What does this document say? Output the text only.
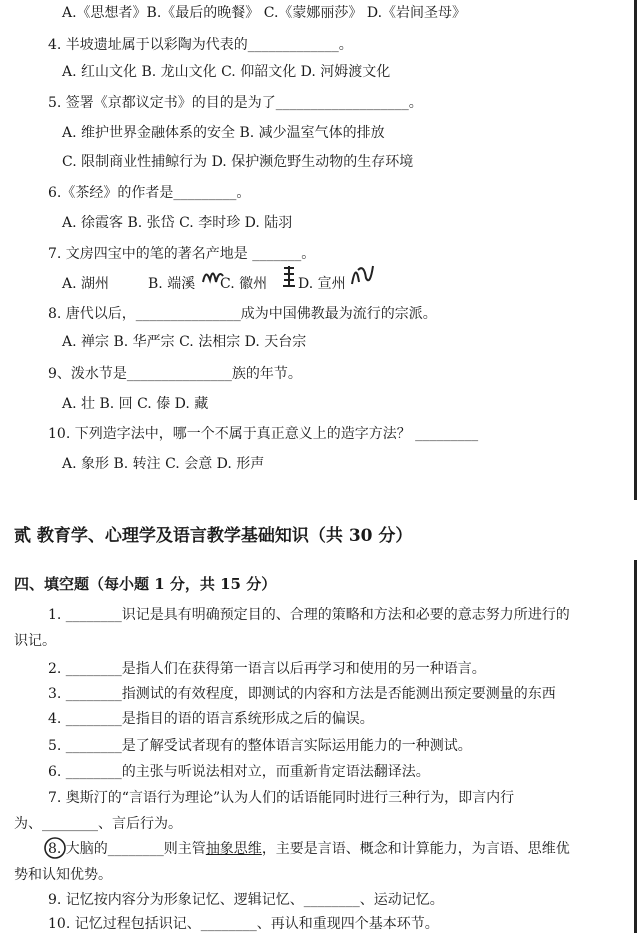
A.《思想者》B.《最后的晚餐》 C.《蒙娜丽莎》 D.《岩间圣母》
4. 半坡遗址属于以彩陶为代表的_____________。
A. 红山文化 B. 龙山文化 C. 仰韶文化 D. 河姆渡文化
5. 签署《京都议定书》的目的是为了___________________。
A. 维护世界金融体系的安全 B. 减少温室气体的排放
C. 限制商业性捕鲸行为 D. 保护濒危野生动物的生存环境
6.《茶经》的作者是_________。
A. 徐霞客 B. 张岱 C. 李时珍 D. 陆羽
7. 文房四宝中的笔的著名产地是 _______。
A. 湖州	B. 端溪 C. 徽州 D. 宣州
8. 唐代以后，_______________成为中国佛教最为流行的宗派。
A. 禅宗 B. 华严宗 C. 法相宗 D. 天台宗
9、泼水节是_______________族的年节。
A. 壮 B. 回 C. 傣 D. 藏
10. 下列造字法中，哪一个不属于真正意义上的造字方法？ _________
A. 象形 B. 转注 C. 会意 D. 形声
贰 教育学、心理学及语言教学基础知识（共 30 分）
四、填空题（每小题 1 分，共 15 分）
1. ________识记是具有明确预定目的、合理的策略和方法和必要的意志努力所进行的
识记。
2. ________是指人们在获得第一语言以后再学习和使用的另一种语言。
3. ________指测试的有效程度，即测试的内容和方法是否能测出预定要测量的东西
4. ________是指目的语的语言系统形成之后的偏误。
5. ________是了解受试者现有的整体语言实际运用能力的一种测试。
6. ________的主张与听说法相对立，而重新肯定语法翻译法。
7. 奥斯汀的“言语行为理论”认为人们的话语能同时进行三种行为，即言内行
为、________、言后行为。
8. 大脑的________则主管抽象思维，主要是言语、概念和计算能力，为言语、思维优
势和认知优势。
9. 记忆按内容分为形象记忆、逻辑记忆、________、运动记忆。
10. 记忆过程包括识记、________、再认和重现四个基本环节。
